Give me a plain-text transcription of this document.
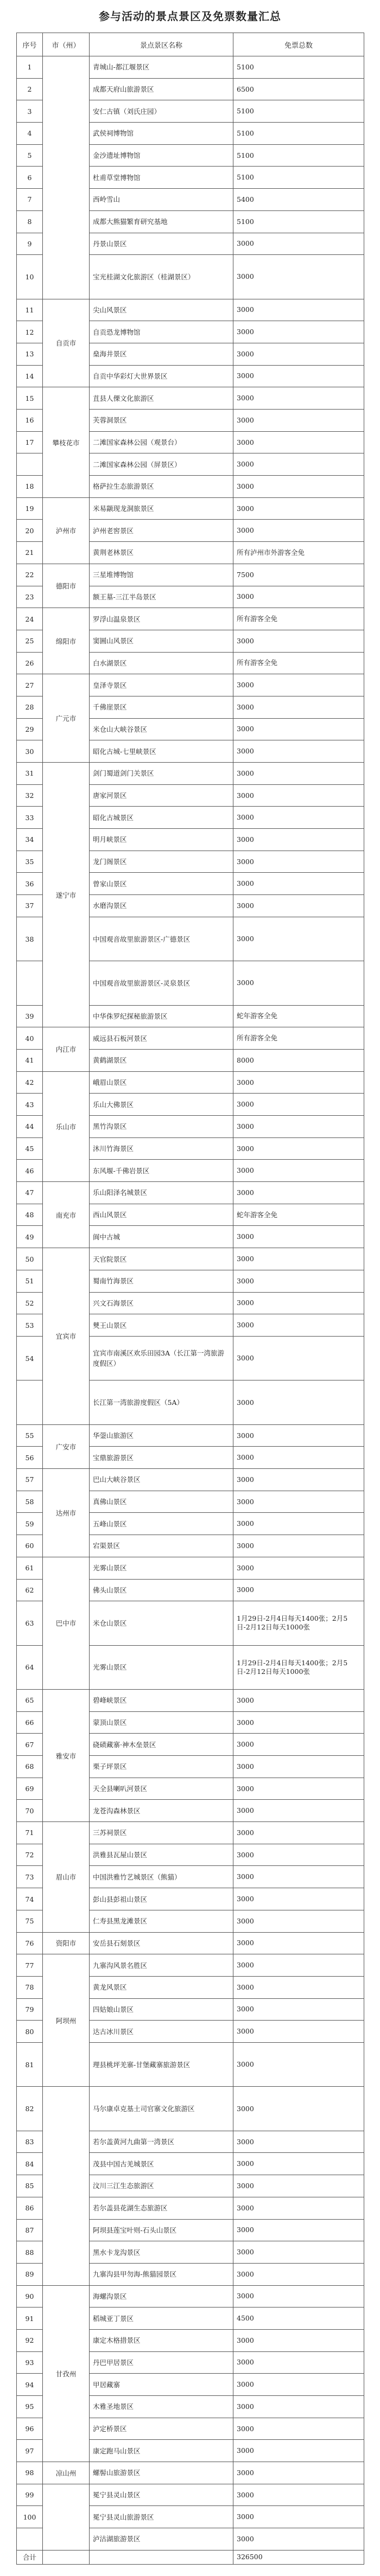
参与活动的景点景区及免票数量汇总
序号	市（州）	景点景区名称	免票总数
1		青城山-都江堰景区	5100
2		成都天府山旅游景区	6500
3		安仁古镇（刘氏庄园）	5100
4		武侯祠博物馆	5100
5		金沙遗址博物馆	5100
6		杜甫草堂博物馆	5100
7		西岭雪山	5400
8		成都大熊猫繁育研究基地	5100
9		丹景山景区	3000
10		宝光桂湖文化旅游区（桂湖景区）	3000
11	自贡市	尖山风景区	3000
12		自贡恐龙博物馆	3000
13		燊海井景区	3000
14		自贡中华彩灯大世界景区	3000
15	攀枝花市	苴县人傈文化旅游区	3000
16		芙蓉洞景区	3000
17		二滩国家森林公园（观景台）	3000
		二滩国家森林公园（屏景区）	3000
18		格萨拉生态旅游景区	3000
19	泸州市	米易颛现龙洞旅景区	3000
20		泸州老窖景区	3000
21		黄荆老林景区	所有泸州市外游客全免
22	德阳市	三星堆博物馆	7500
23		额王墓-三江半岛景区	3000
24	绵阳市	罗浮山温泉景区	所有游客全免
25		窦圌山风景区	3000
26		白水湖景区	所有游客全免
27	广元市	皇泽寺景区	3000
28		千佛崖景区	3000
29		米仓山大峡谷景区	3000
30		昭化古城-七里峡景区	3000
31	遂宁市	剑门蜀道剑门关景区	3000
32		唐家河景区	3000
33		昭化古城景区	3000
34		明月峡景区	3000
35		龙门阁景区	3000
36		曾家山景区	3000
37		水磨沟景区	3000
38		中国观音故里旅游景区-广德景区	3000
		中国观音故里旅游景区-灵泉景区	3000
39		中华侏罗纪探秘旅游景区	蛇年游客全免
40	内江市	威远县石板河景区	所有游客全免
41		黄鹤湖景区	8000
42	乐山市	峨眉山景区	3000
43		乐山大佛景区	3000
44		黑竹沟景区	3000
45		沐川竹海景区	3000
46		东风堰-千佛岩景区	3000
47	南充市	乐山阳泽名城景区	3000
48		西山风景区	蛇年游客全免
49		阆中古城	3000
50	宜宾市	天官院景区	3000
51		蜀南竹海景区	3000
52		兴文石海景区	3000
53		僰王山景区	3000
54		宜宾市南溪区欢乐田园3A（长江第一湾旅游度假区）	3000
		长江第一湾旅游度假区（5A）	3000
55	广安市	华蓥山旅游区	3000
56		宝鼎旅游景区	3000
57	达州市	巴山大峡谷景区	3000
58		真佛山景区	3000
59		五峰山景区	3000
60		宕渠景区	3000
61	巴中市	光雾山景区	3000
62		佛头山景区	3000
63		米仓山景区	1月29日-2月4日每天1400张；2月5日-2月12日每天1000张
64		光雾山景区	1月29日-2月4日每天1400张；2月5日-2月12日每天1000张
65	雅安市	碧峰峡景区	3000
66		蒙顶山景区	3000
67		硗碛藏寨·神木垒景区	3000
68		栗子坪景区	3000
69		天全县喇叭河景区	3000
70		龙苍沟森林景区	3000
71	眉山市	三苏祠景区	3000
72		洪雅县瓦屋山景区	3000
73		中国洪雅竹艺城景区（熊猫）	3000
74		彭山县彭祖山景区	3000
75		仁寿县黑龙滩景区	3000
76	资阳市	安岳县石刻景区	3000
77	阿坝州	九寨沟风景名胜区	3000
78		黄龙风景区	3000
79		四姑娘山景区	3000
80		达古冰川景区	3000
81		理县桃坪羌寨-甘堡藏寨旅游景区	3000
82		马尔康卓克基土司官寨文化旅游区	3000
83		若尔盖黄河九曲第一湾景区	3000
84		茂县中国古羌城景区	3000
85		汶川三江生态旅游区	3000
86		若尔盖县花湖生态旅游区	3000
87		阿坝县莲宝叶则-石头山景区	3000
88		黑水卡龙沟景区	3000
89		九寨沟县甲勿海-熊猫园景区	3000
90	甘孜州	海螺沟景区	3000
91		稻城亚丁景区	4500
92		康定木格措景区	3000
93		丹巴甲居景区	3000
94		甲居藏寨	3000
95		木雅圣地景区	3000
96		泸定桥景区	3000
97		康定跑马山景区	3000
98	凉山州	螺髻山旅游景区	3000
99		冕宁县灵山景区	3000
100		冕宁县灵山旅游景区	3000
		泸沽湖旅游景区	3000
合计			326500
